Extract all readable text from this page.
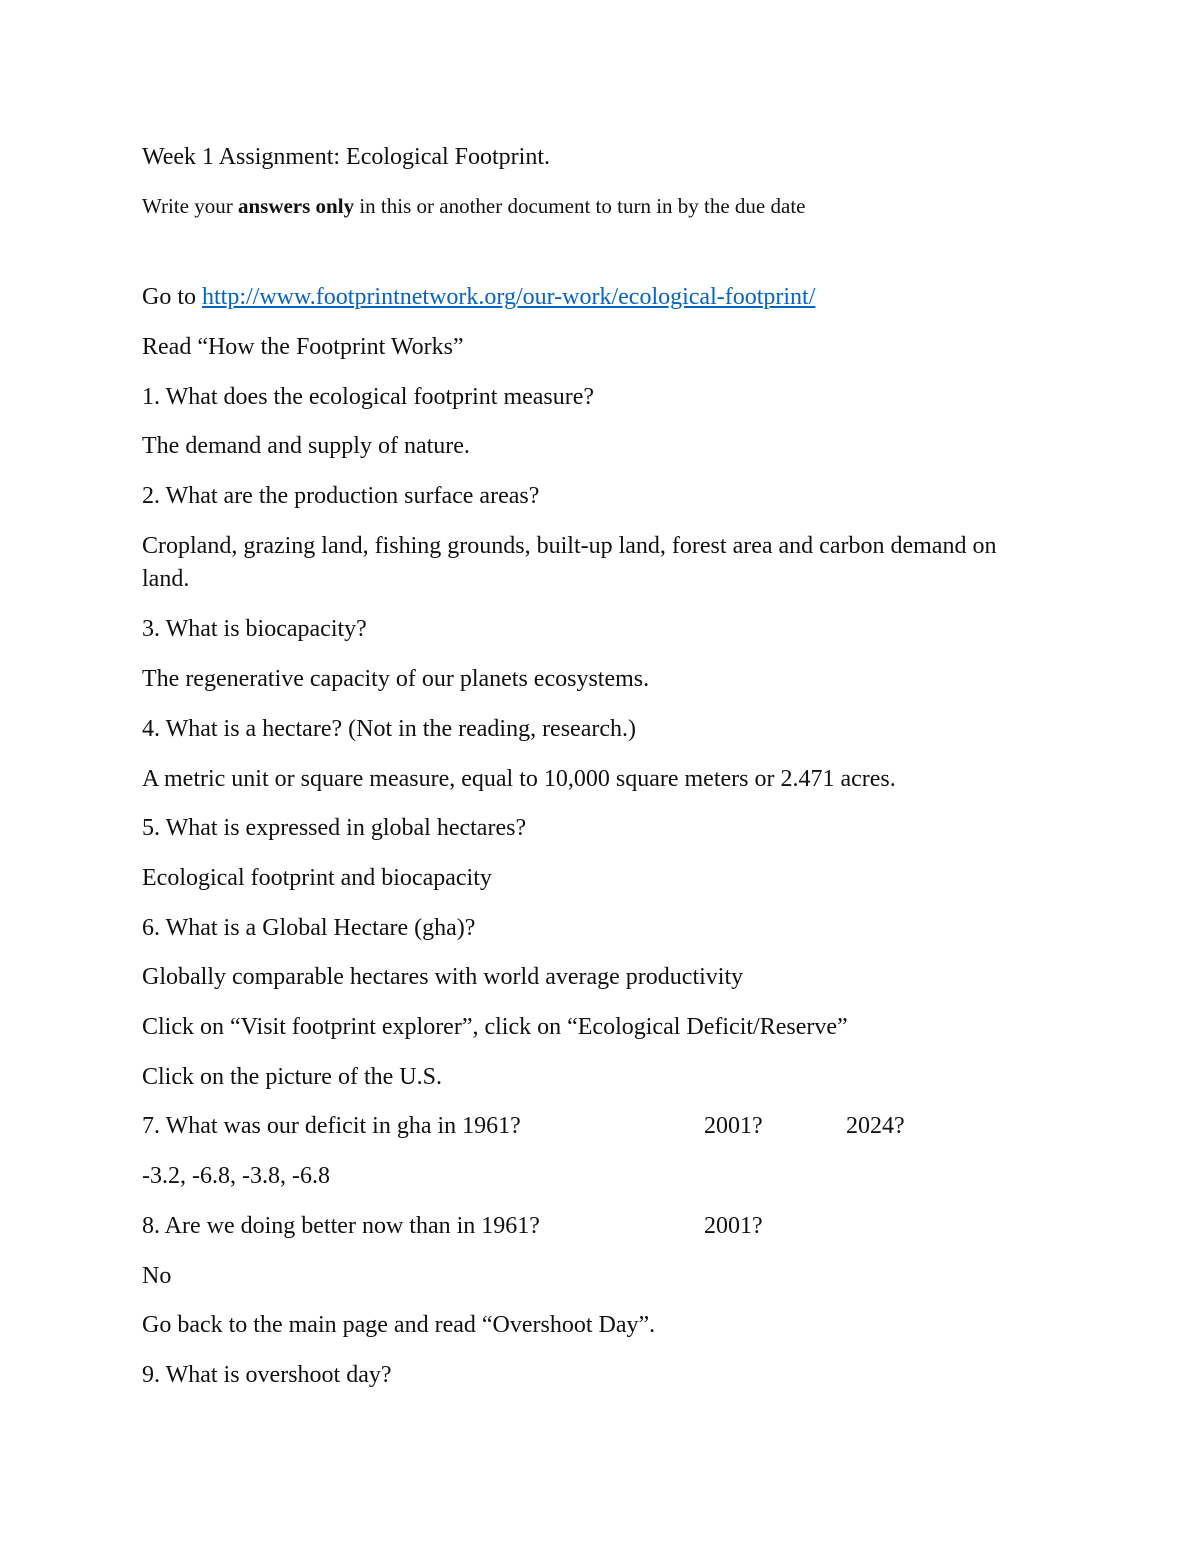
Week 1 Assignment: Ecological Footprint.
Write your answers only in this or another document to turn in by the due date
Go to http://www.footprintnetwork.org/our-work/ecological-footprint/
Read “How the Footprint Works”
1. What does the ecological footprint measure?
The demand and supply of nature.
2. What are the production surface areas?
Cropland, grazing land, fishing grounds, built-up land, forest area and carbon demand on land.
3. What is biocapacity?
The regenerative capacity of our planets ecosystems.
4. What is a hectare? (Not in the reading, research.)
A metric unit or square measure, equal to 10,000 square meters or 2.471 acres.
5. What is expressed in global hectares?
Ecological footprint and biocapacity
6. What is a Global Hectare (gha)?
Globally comparable hectares with world average productivity
Click on “Visit footprint explorer”, click on “Ecological Deficit/Reserve”
Click on the picture of the U.S.
7. What was our deficit in gha in 1961?	2001?	2024?
-3.2, -6.8, -3.8, -6.8
8. Are we doing better now than in 1961?	2001?
No
Go back to the main page and read “Overshoot Day”.
9. What is overshoot day?
